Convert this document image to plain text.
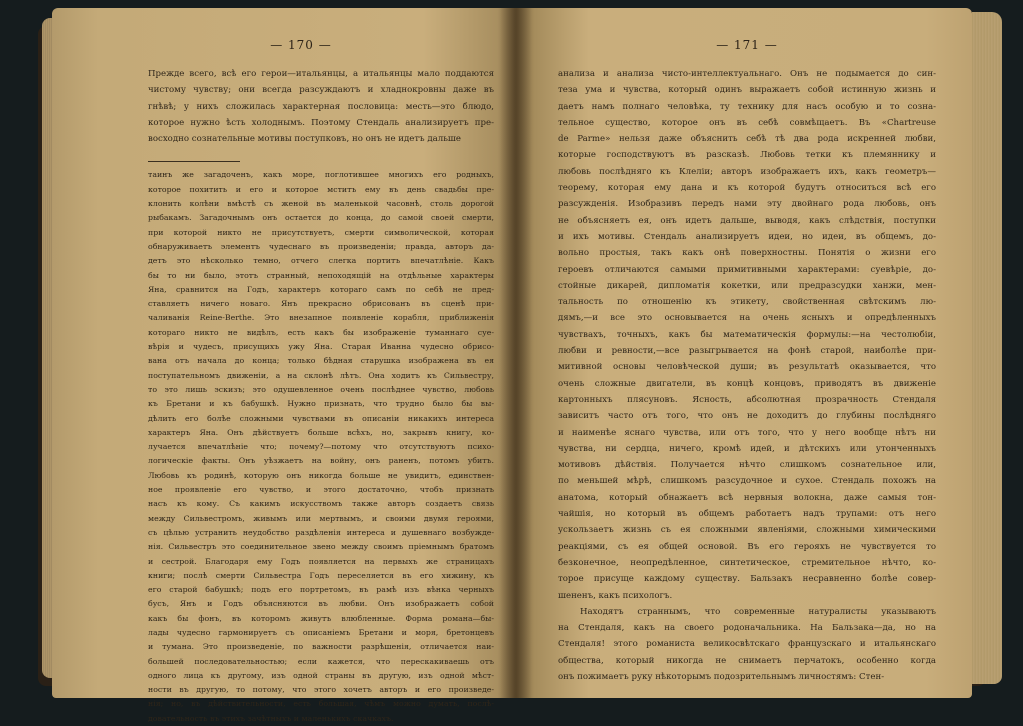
— 170 —
Прежде всего, всѣ его герои—итальянцы, а итальянцы мало поддаются
чистому чувству; они всегда разсуждаютъ и хладнокровны даже въ
гнѣвѣ; у нихъ сложилась характерная пословица: месть—это блюдо,
которое нужно ѣсть холоднымъ. Поэтому Стендаль анализируетъ пре-
восходно сознательные мотивы поступковъ, но онъ не идетъ дальше
таинъ же загадоченъ, какъ море, поглотившее многихъ его родныхъ,
которое похитить и его и которое мститъ ему въ день свадьбы пре-
клонить колѣни вмѣстѣ съ женой въ маленькой часовнѣ, столь дорогой
рыбакамъ. Загадочнымъ онъ остается до конца, до самой своей смерти,
при которой никто не присутствуетъ, смерти символической, которая
обнаруживаетъ элементъ чудеснаго въ произведеніи; правда, авторъ да-
детъ это нѣсколько темно, отчего слегка портитъ впечатлѣніе. Какъ
бы то ни было, этотъ странный, непоходящiй на отдѣльные характеры
Яна, сравнится на Годъ, характеръ котораго самъ по себѣ не пред-
ставляетъ ничего новаго. Янъ прекрасно обрисованъ въ сценѣ при-
чаливанія Reine-Berthe. Это внезапное появленіе корабля, приближенія
котораго никто не видѣлъ, есть какъ бы изображеніе туманнаго суе-
вѣрія и чудесъ, присущихъ ужу Яна. Старая Иванна чудесно обрисо-
вана отъ начала до конца; только бѣдная старушка изображена въ ея
поступательномъ движеніи, а на склонѣ лѣтъ. Она ходитъ къ Сильвестру,
то это лишь эскизъ; это одушевленное очень послѣднее чувство, любовь
къ Бретани и къ бабушкѣ. Нужно признать, что трудно было бы вы-
дѣлить его болѣе сложными чувствами въ описаніи никакихъ интереса
характеръ Яна. Онъ дѣйствуетъ больше всѣхъ, но, закрывъ книгу, ко-
лучается впечатлѣніе что; почему?—потому что отсутствуютъ психо-
логическіе факты. Онъ уѣзжаетъ на войну, онъ раненъ, потомъ убитъ.
Любовь къ родинѣ, которую онъ никогда больше не увидитъ, единствен-
ное проявленіе его чувство, и этого достаточно, чтобъ признать
насъ къ кому. Съ какимъ искусствомъ также авторъ создаетъ связь
между Сильвестромъ, живымъ или мертвымъ, и своими двумя героями,
съ цѣлью устранить неудобство раздѣленія интереса и душевнаго возбужде-
нія. Сильвестръ это соединительное звено между своимъ пріемнымъ братомъ
и сестрой. Благодаря ему Годъ появляется на первыхъ же страницахъ
книги; послѣ смерти Сильвестра Годъ переселяется въ его хижину, къ
его старой бабушкѣ; подъ его портретомъ, въ рамѣ изъ вѣнка черныхъ
бусъ, Янъ и Годъ объясняются въ любви. Онъ изображаетъ собой
какъ бы фонъ, въ которомъ живутъ влюбленные. Форма романа—бы-
лады чудесно гармонируетъ съ описаніемъ Бретани и моря, бретонцевъ
и тумана. Это произведеніе, по важности разрѣшенія, отличается наи-
большей последовательностью; если кажется, что перескакиваешь отъ
одного лица къ другому, изъ одной страны въ другую, изъ одной мѣст-
ности въ другую, то потому, что этого хочетъ авторъ и его произведе-
нія; но, въ дѣйствительности, есть большая, чѣмъ можно думать, послѣ-
довательность въ этихъ зачѣтныхъ и маленькихъ скачкахъ.
— 171 —
анализа и анализа чисто-интеллектуальнаго. Онъ не подымается до син-
теза ума и чувства, который одинъ выражаетъ собой истинную жизнь и
даетъ намъ полнаго человѣка, ту технику для насъ особую и то созна-
тельное существо, которое онъ въ себѣ совмѣщаетъ. Въ «Chartreuse
de Parme» нельзя даже объяснить себѣ тѣ два рода искренней любви,
которые господствуютъ въ разсказѣ. Любовь тетки къ племяннику и
любовь послѣдняго къ Клеліи; авторъ изображаетъ ихъ, какъ геометръ—
теорему, которая ему дана и къ которой будутъ относиться всѣ его
разсужденія. Изобразивъ передъ нами эту двойнаго рода любовь, онъ
не объясняетъ ея, онъ идетъ дальше, выводя, какъ слѣдствія, поступки
и ихъ мотивы. Стендаль анализируетъ идеи, но идеи, въ общемъ, до-
вольно простыя, такъ какъ онѣ поверхностны. Понятія о жизни его
героевъ отличаются самыми примитивными характерами: суевѣріе, до-
стойные дикарей, дипломатія кокетки, или предразсудки ханжи, мен-
тальность по отношенію къ этикету, свойственная свѣтскимъ лю-
дямъ,—и все это основывается на очень ясныхъ и опредѣленныхъ
чувствахъ, точныхъ, какъ бы математическія формулы:—на честолюбіи,
любви и ревности,—все разыгрывается на фонѣ старой, наиболѣе при-
митивной основы человѣческой души; въ результатѣ оказывается, что
очень сложные двигатели, въ концѣ концовъ, приводятъ въ движеніе
картонныхъ плясуновъ. Ясность, абсолютная прозрачность Стендаля
зависитъ часто отъ того, что онъ не доходитъ до глубины послѣдняго
и наименѣе яснаго чувства, или отъ того, что у него вообще нѣтъ ни
чувства, ни сердца, ничего, кромѣ идей, и дѣтскихъ или утонченныхъ
мотивовъ дѣйствія. Получается нѣчто слишкомъ сознательное или,
по меньшей мѣрѣ, слишкомъ разсудочное и сухое. Стендаль похожъ на
анатома, который обнажаетъ всѣ нервныя волокна, даже самыя тон-
чайшія, но который въ общемъ работаетъ надъ трупами: отъ него
ускользаетъ жизнь съ ея сложными явленіями, сложными химическими
реакціями, съ ея общей основой. Въ его герояхъ не чувствуется то
безконечное, неопредѣленное, синтетическое, стремительное нѣчто, ко-
торое присуще каждому существу. Бальзакъ несравненно болѣе совер-
шененъ, какъ психологъ.
Находятъ страннымъ, что современные натуралисты указываютъ
на Стендаля, какъ на своего родоначальника. На Бальзака—да, но на
Стендаля! этого романиста великосвѣтскаго французскаго и итальянскаго
общества, который никогда не снимаетъ перчатокъ, особенно когда
онъ пожимаетъ руку нѣкоторымъ подозрительнымъ личностямъ: Стен-
